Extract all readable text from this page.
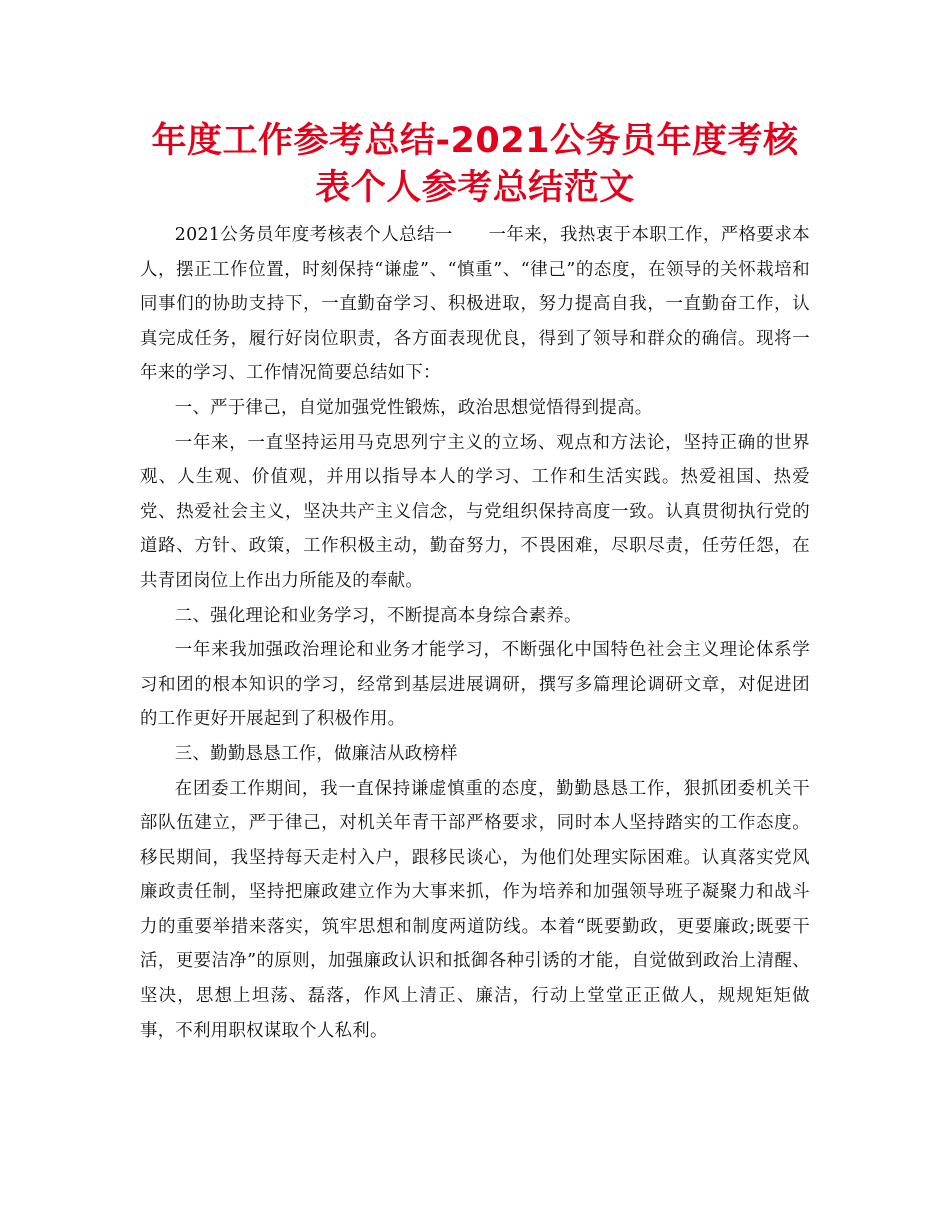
年度工作参考总结-2021公务员年度考核表个人参考总结范文

2021公务员年度考核表个人总结一　　一年来，我热衷于本职工作，严格要求本人，摆正工作位置，时刻保持“谦虚”、“慎重”、“律己”的态度，在领导的关怀栽培和同事们的协助支持下，一直勤奋学习、积极进取，努力提高自我，一直勤奋工作，认真完成任务，履行好岗位职责，各方面表现优良，得到了领导和群众的确信。现将一年来的学习、工作情况简要总结如下：

一、严于律己，自觉加强党性锻炼，政治思想觉悟得到提高。

一年来，一直坚持运用马克思列宁主义的立场、观点和方法论，坚持正确的世界观、人生观、价值观，并用以指导本人的学习、工作和生活实践。热爱祖国、热爱党、热爱社会主义，坚决共产主义信念，与党组织保持高度一致。认真贯彻执行党的道路、方针、政策，工作积极主动，勤奋努力，不畏困难，尽职尽责，任劳任怨，在共青团岗位上作出力所能及的奉献。

二、强化理论和业务学习，不断提高本身综合素养。

一年来我加强政治理论和业务才能学习，不断强化中国特色社会主义理论体系学习和团的根本知识的学习，经常到基层进展调研，撰写多篇理论调研文章，对促进团的工作更好开展起到了积极作用。

三、勤勤恳恳工作，做廉洁从政榜样

在团委工作期间，我一直保持谦虚慎重的态度，勤勤恳恳工作，狠抓团委机关干部队伍建立，严于律己，对机关年青干部严格要求，同时本人坚持踏实的工作态度。移民期间，我坚持每天走村入户，跟移民谈心，为他们处理实际困难。认真落实党风廉政责任制，坚持把廉政建立作为大事来抓，作为培养和加强领导班子凝聚力和战斗力的重要举措来落实，筑牢思想和制度两道防线。本着“既要勤政，更要廉政;既要干活，更要洁净”的原则，加强廉政认识和抵御各种引诱的才能，自觉做到政治上清醒、坚决，思想上坦荡、磊落，作风上清正、廉洁，行动上堂堂正正做人，规规矩矩做事，不利用职权谋取个人私利。
